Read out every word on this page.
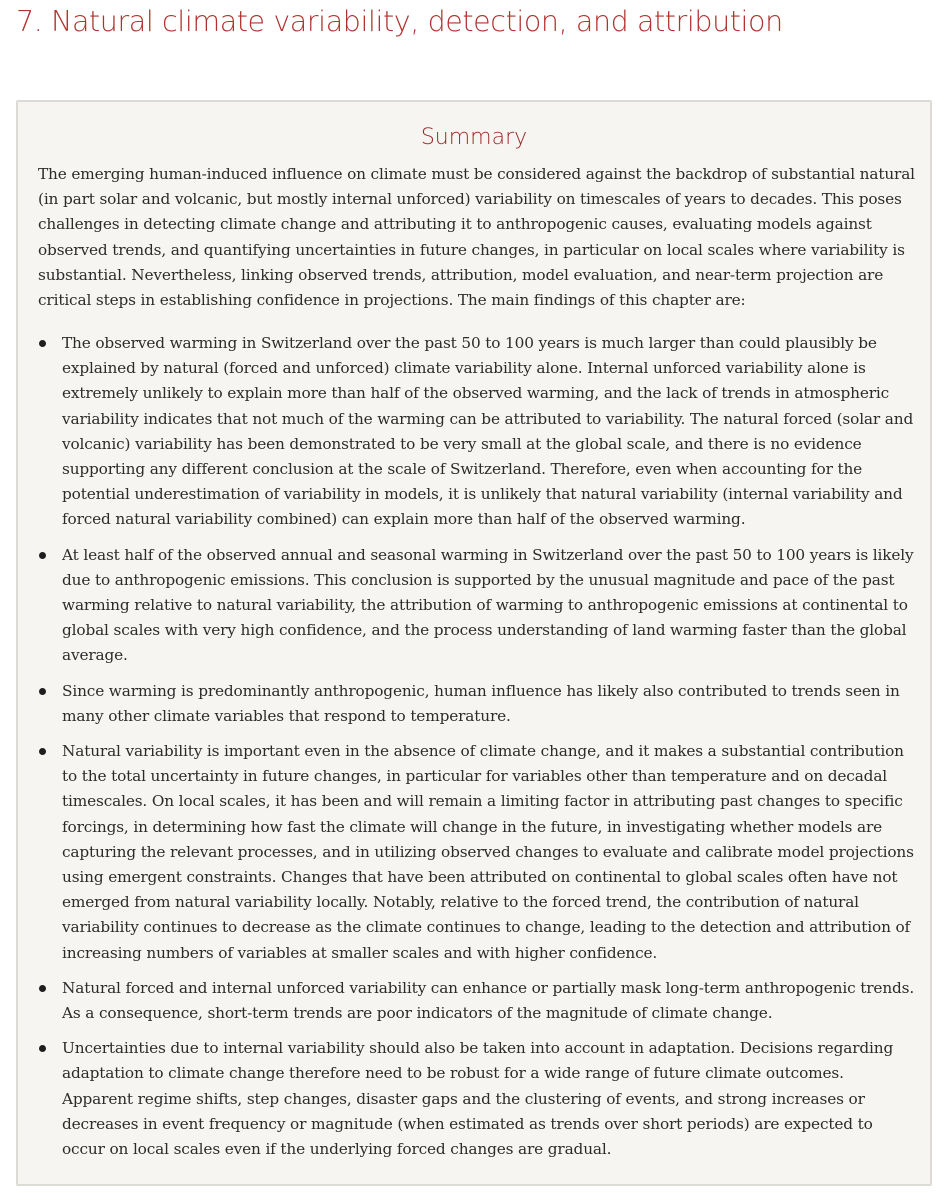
7. Natural climate variability, detection, and attribution
Summary

The emerging human-induced influence on climate must be considered against the backdrop of substantial natural (in part solar and volcanic, but mostly internal unforced) variability on timescales of years to decades. This poses challenges in detecting climate change and attributing it to anthropogenic causes, evaluating models against observed trends, and quantifying uncertainties in future changes, in particular on local scales where variability is substantial. Nevertheless, linking observed trends, attribution, model evaluation, and near-term projection are critical steps in establishing confidence in projections. The main findings of this chapter are:

The observed warming in Switzerland over the past 50 to 100 years is much larger than could plausibly be explained by natural (forced and unforced) climate variability alone. Internal unforced variability alone is extremely unlikely to explain more than half of the observed warming, and the lack of trends in atmospheric variability indicates that not much of the warming can be attributed to variability. The natural forced (solar and volcanic) variability has been demonstrated to be very small at the global scale, and there is no evidence supporting any different conclusion at the scale of Switzerland. Therefore, even when accounting for the potential underestimation of variability in models, it is unlikely that natural variability (internal variability and forced natural variability combined) can explain more than half of the observed warming.
At least half of the observed annual and seasonal warming in Switzerland over the past 50 to 100 years is likely due to anthropogenic emissions. This conclusion is supported by the unusual magnitude and pace of the past warming relative to natural variability, the attribution of warming to anthropogenic emissions at continental to global scales with very high confidence, and the process understanding of land warming faster than the global average.
Since warming is predominantly anthropogenic, human influence has likely also contributed to trends seen in many other climate variables that respond to temperature.
Natural variability is important even in the absence of climate change, and it makes a substantial contribution to the total uncertainty in future changes, in particular for variables other than temperature and on decadal timescales. On local scales, it has been and will remain a limiting factor in attributing past changes to specific forcings, in determining how fast the climate will change in the future, in investigating whether models are capturing the relevant processes, and in utilizing observed changes to evaluate and calibrate model projections using emergent constraints. Changes that have been attributed on continental to global scales often have not emerged from natural variability locally. Notably, relative to the forced trend, the contribution of natural variability continues to decrease as the climate continues to change, leading to the detection and attribution of increasing numbers of variables at smaller scales and with higher confidence.
Natural forced and internal unforced variability can enhance or partially mask long-term anthropogenic trends. As a consequence, short-term trends are poor indicators of the magnitude of climate change.
Uncertainties due to internal variability should also be taken into account in adaptation. Decisions regarding adaptation to climate change therefore need to be robust for a wide range of future climate outcomes. Apparent regime shifts, step changes, disaster gaps and the clustering of events, and strong increases or decreases in event frequency or magnitude (when estimated as trends over short periods) are expected to occur on local scales even if the underlying forced changes are gradual.
